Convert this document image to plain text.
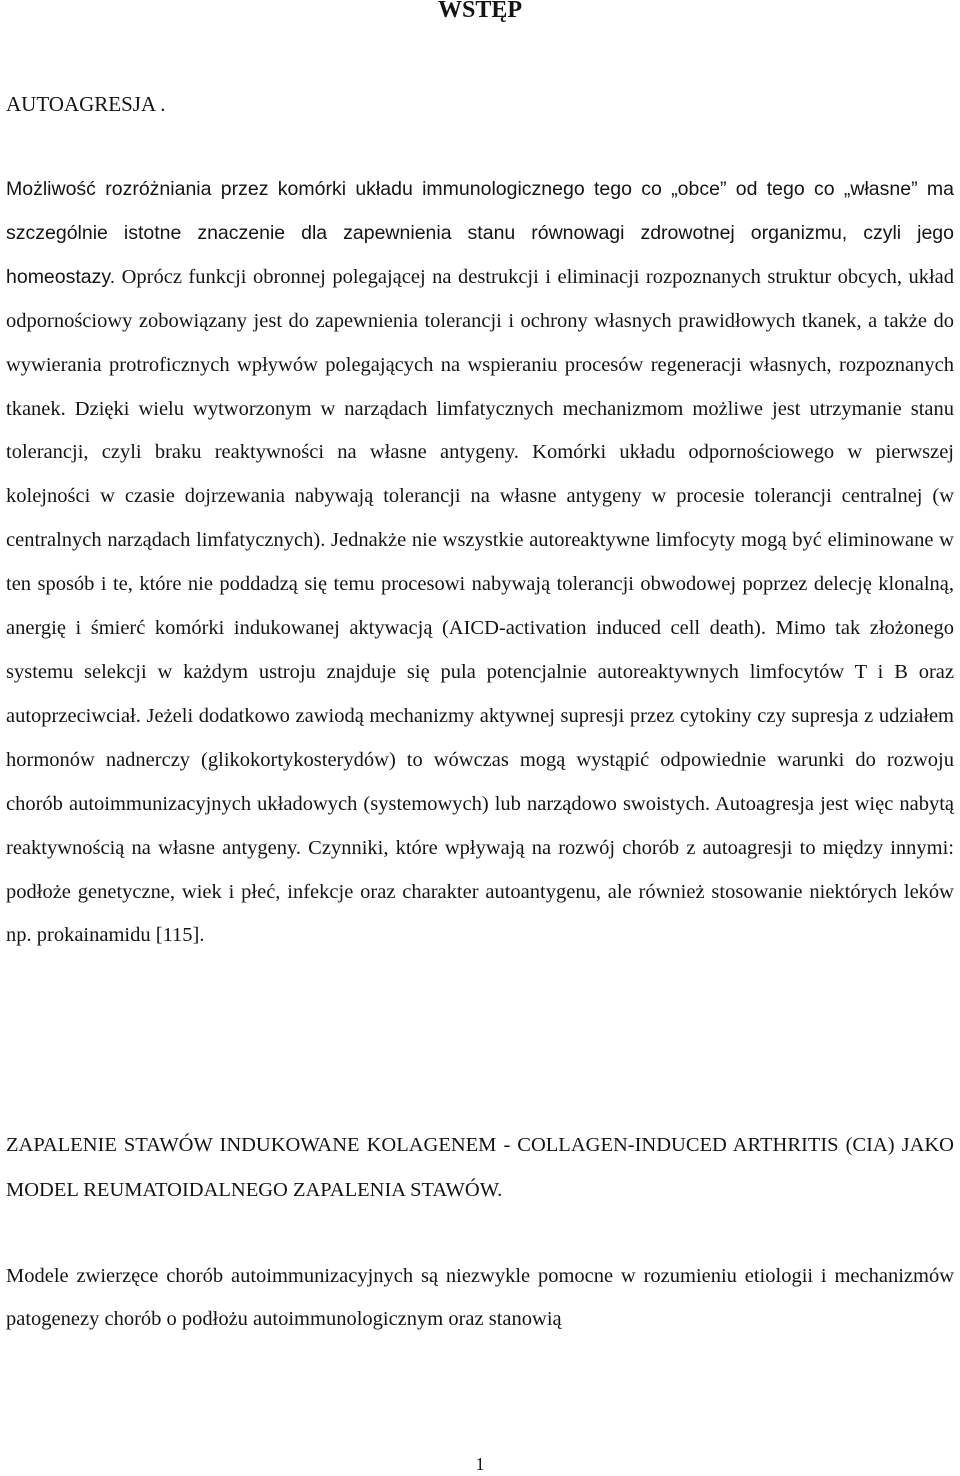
WSTĘP
AUTOAGRESJA .

Możliwość rozróżniania przez komórki układu immunologicznego tego co „obce” od tego co „własne” ma szczególnie istotne znaczenie dla zapewnienia stanu równowagi zdrowotnej organizmu, czyli jego homeostazy. Oprócz funkcji obronnej polegającej na destrukcji i eliminacji rozpoznanych struktur obcych, układ odpornościowy zobowiązany jest do zapewnienia tolerancji i ochrony własnych prawidłowych tkanek, a także do wywierania protroficznych wpływów polegających na wspieraniu procesów regeneracji własnych, rozpoznanych tkanek. Dzięki wielu wytworzonym w narządach limfatycznych mechanizmom możliwe jest utrzymanie stanu tolerancji, czyli braku reaktywności na własne antygeny. Komórki układu odpornościowego w pierwszej kolejności w czasie dojrzewania nabywają tolerancji na własne antygeny w procesie tolerancji centralnej (w centralnych narządach limfatycznych). Jednakże nie wszystkie autoreaktywne limfocyty mogą być eliminowane w ten sposób i te, które nie poddadzą się temu procesowi nabywają tolerancji obwodowej poprzez delecję klonalną, anergię i śmierć komórki indukowanej aktywacją (AICD-activation induced cell death). Mimo tak złożonego systemu selekcji w każdym ustroju znajduje się pula potencjalnie autoreaktywnych limfocytów T i B oraz autoprzeciwciał. Jeżeli dodatkowo zawiodą mechanizmy aktywnej supresji przez cytokiny czy supresja z udziałem hormonów nadnerczy (glikokortykosterydów) to wówczas mogą wystąpić odpowiednie warunki do rozwoju chorób autoimmunizacyjnych układowych (systemowych) lub narządowo swoistych. Autoagresja jest więc nabytą reaktywnością na własne antygeny. Czynniki, które wpływają na rozwój chorób z autoagresji to między innymi: podłoże genetyczne, wiek i płeć, infekcje oraz charakter autoantygenu, ale również stosowanie niektórych leków np. prokainamidu [115].

ZAPALENIE STAWÓW INDUKOWANE KOLAGENEM - COLLAGEN-INDUCED ARTHRITIS (CIA) JAKO MODEL REUMATOIDALNEGO ZAPALENIA STAWÓW.

Modele zwierzęce chorób autoimmunizacyjnych są niezwykle pomocne w rozumieniu etiologii i mechanizmów patogenezy chorób o podłożu autoimmunologicznym oraz stanowią

1
